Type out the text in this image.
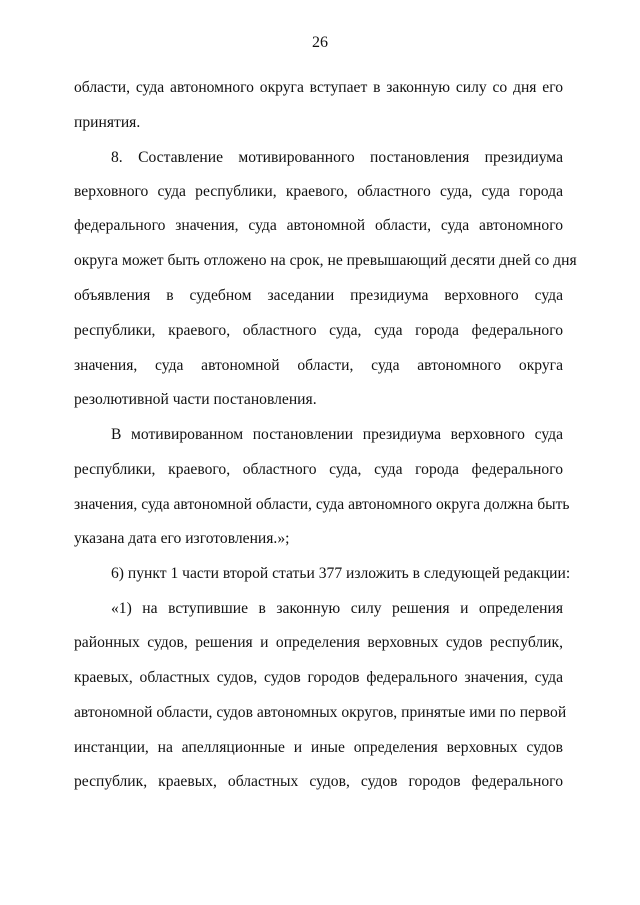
26
области, суда автономного округа вступает в законную силу со дня его
принятия.
8. Составление мотивированного постановления президиума
верховного суда республики, краевого, областного суда, суда города
федерального значения, суда автономной области, суда автономного
округа может быть отложено на срок, не превышающий десяти дней со дня
объявления в судебном заседании президиума верховного суда
республики, краевого, областного суда, суда города федерального
значения, суда автономной области, суда автономного округа
резолютивной части постановления.
В мотивированном постановлении президиума верховного суда
республики, краевого, областного суда, суда города федерального
значения, суда автономной области, суда автономного округа должна быть
указана дата его изготовления.»;
6) пункт 1 части второй статьи 377 изложить в следующей редакции:
«1) на вступившие в законную силу решения и определения
районных судов, решения и определения верховных судов республик,
краевых, областных судов, судов городов федерального значения, суда
автономной области, судов автономных округов, принятые ими по первой
инстанции, на апелляционные и иные определения верховных судов
республик, краевых, областных судов, судов городов федерального
